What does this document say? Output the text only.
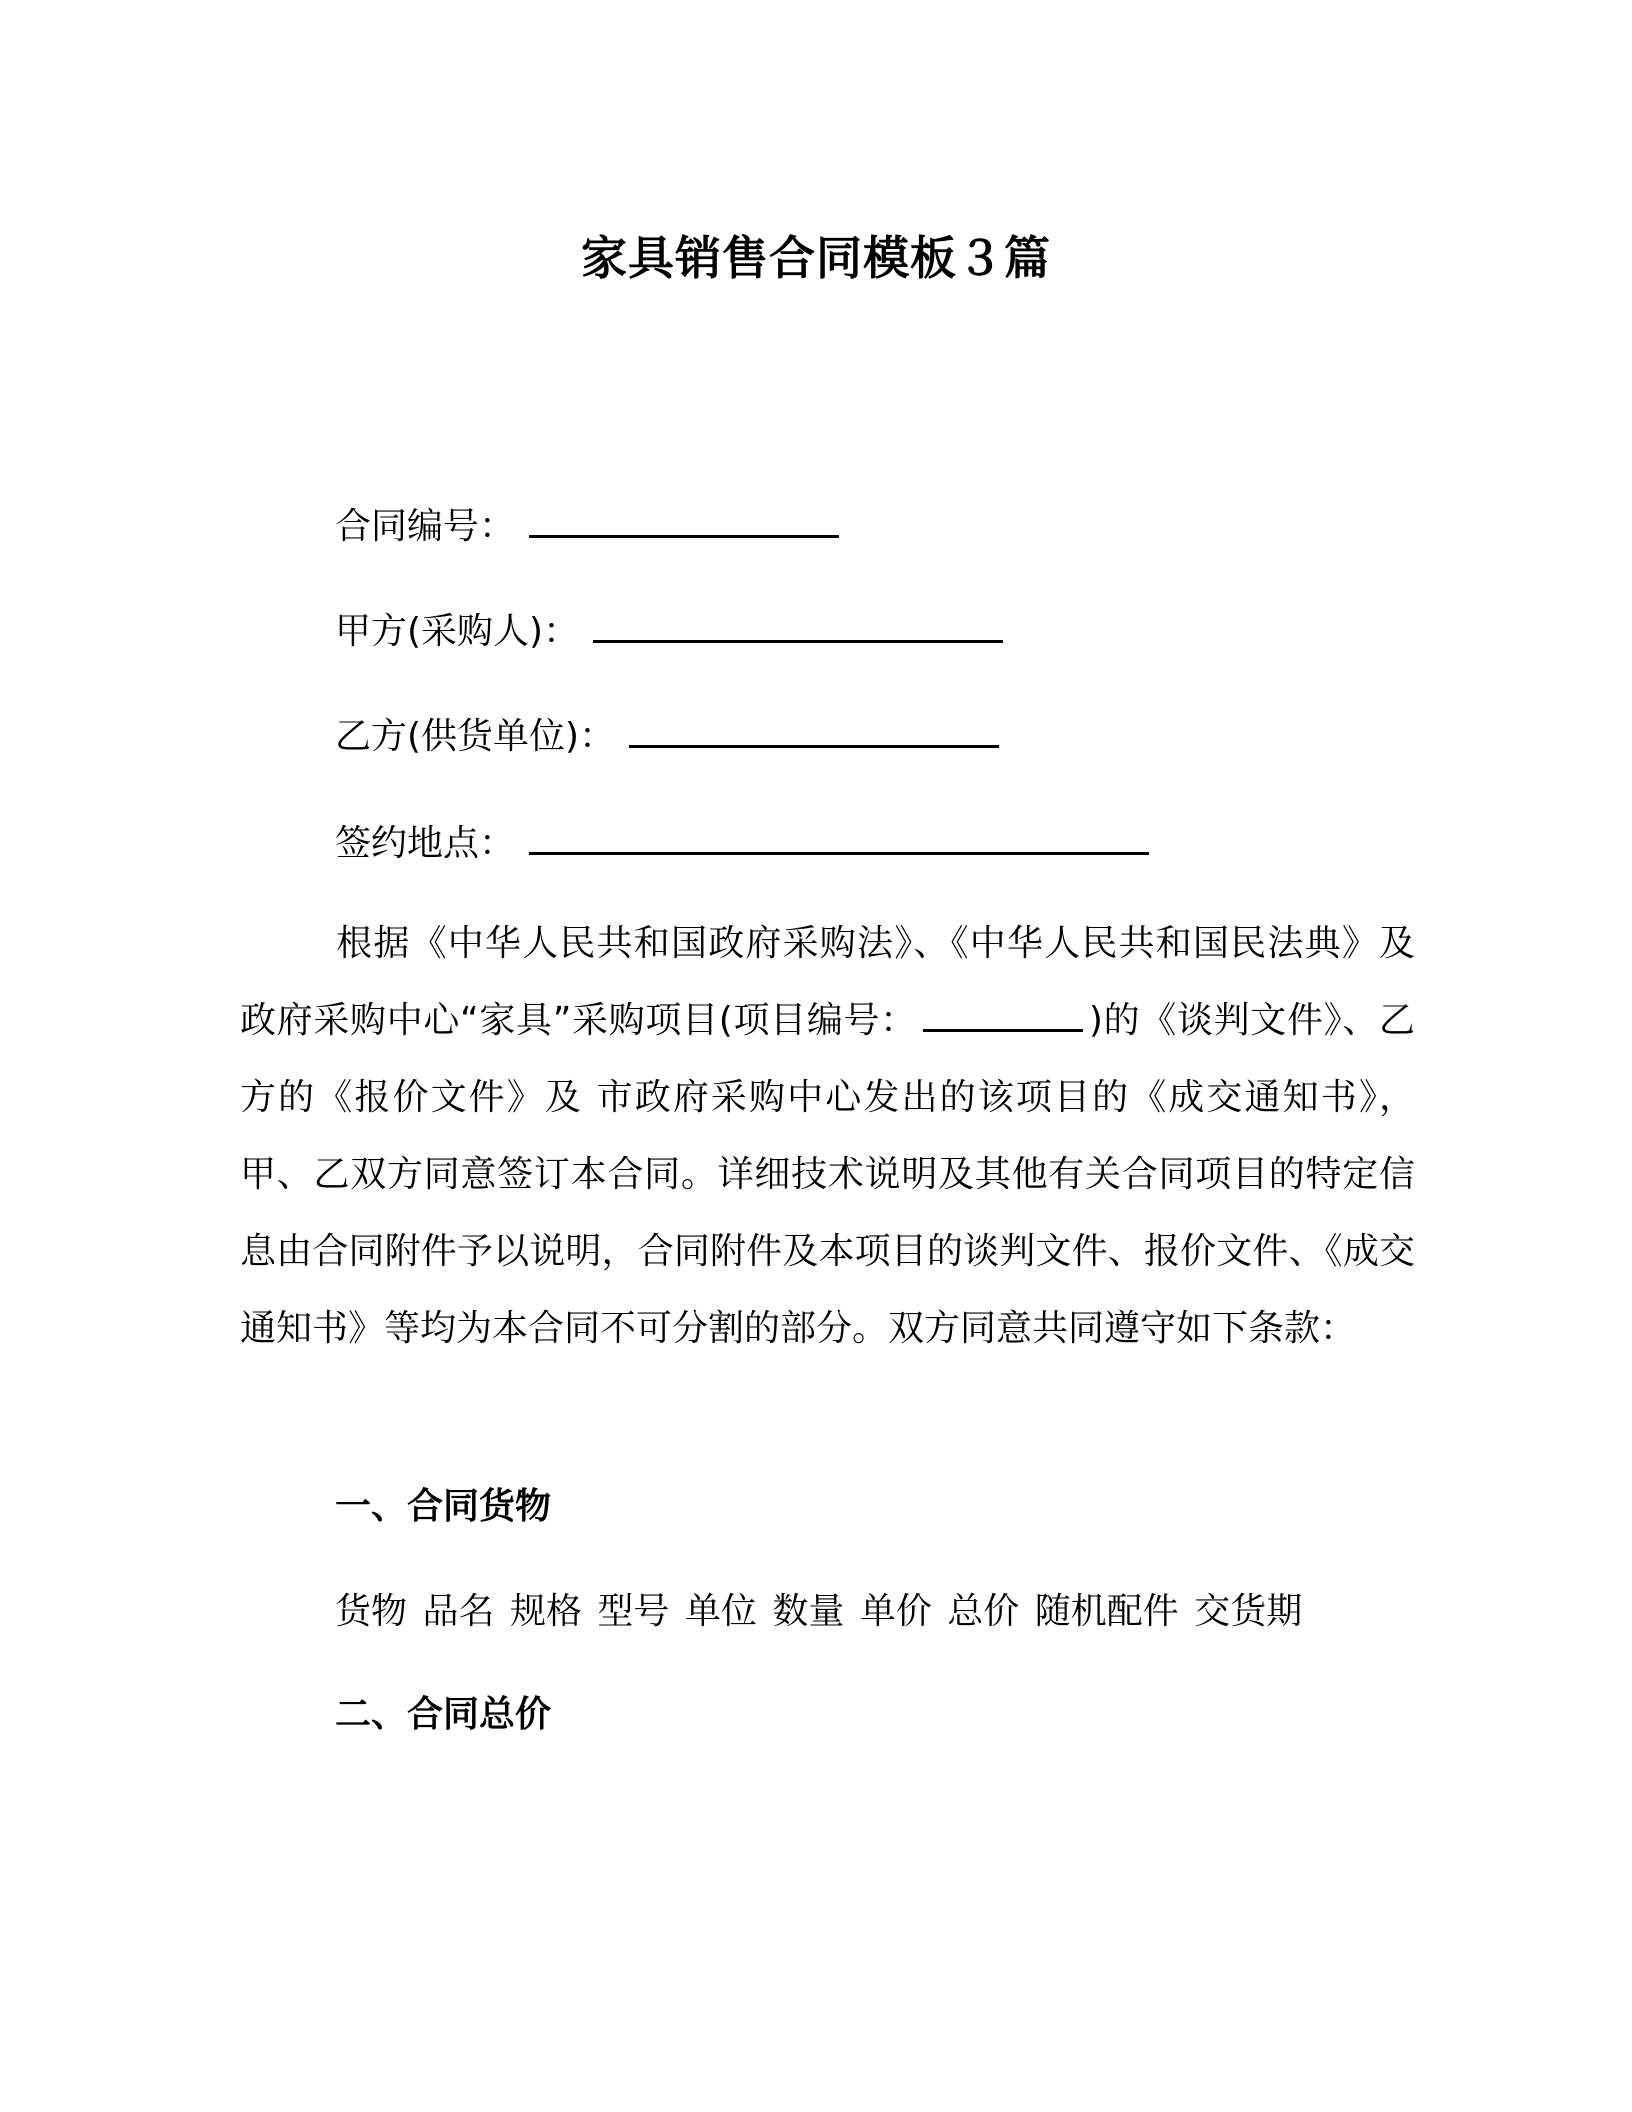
家具销售合同模板３篇
合同编号：
甲方(采购人)：
乙方(供货单位)：
签约地点：
根据《中华人民共和国政府采购法》、《中华人民共和国民法典》及 政府采购中心“家具”采购项目(项目编号：	)的《谈判文件》、乙方的《报价文件》及 市政府采购中心发出的该项目的《成交通知书》，甲、乙双方同意签订本合同。详细技术说明及其他有关合同项目的特定信息由合同附件予以说明，合同附件及本项目的谈判文件、报价文件、《成交通知书》等均为本合同不可分割的部分。双方同意共同遵守如下条款：
一、合同货物
货物 品名 规格 型号 单位 数量 单价 总价 随机配件 交货期
二、合同总价
